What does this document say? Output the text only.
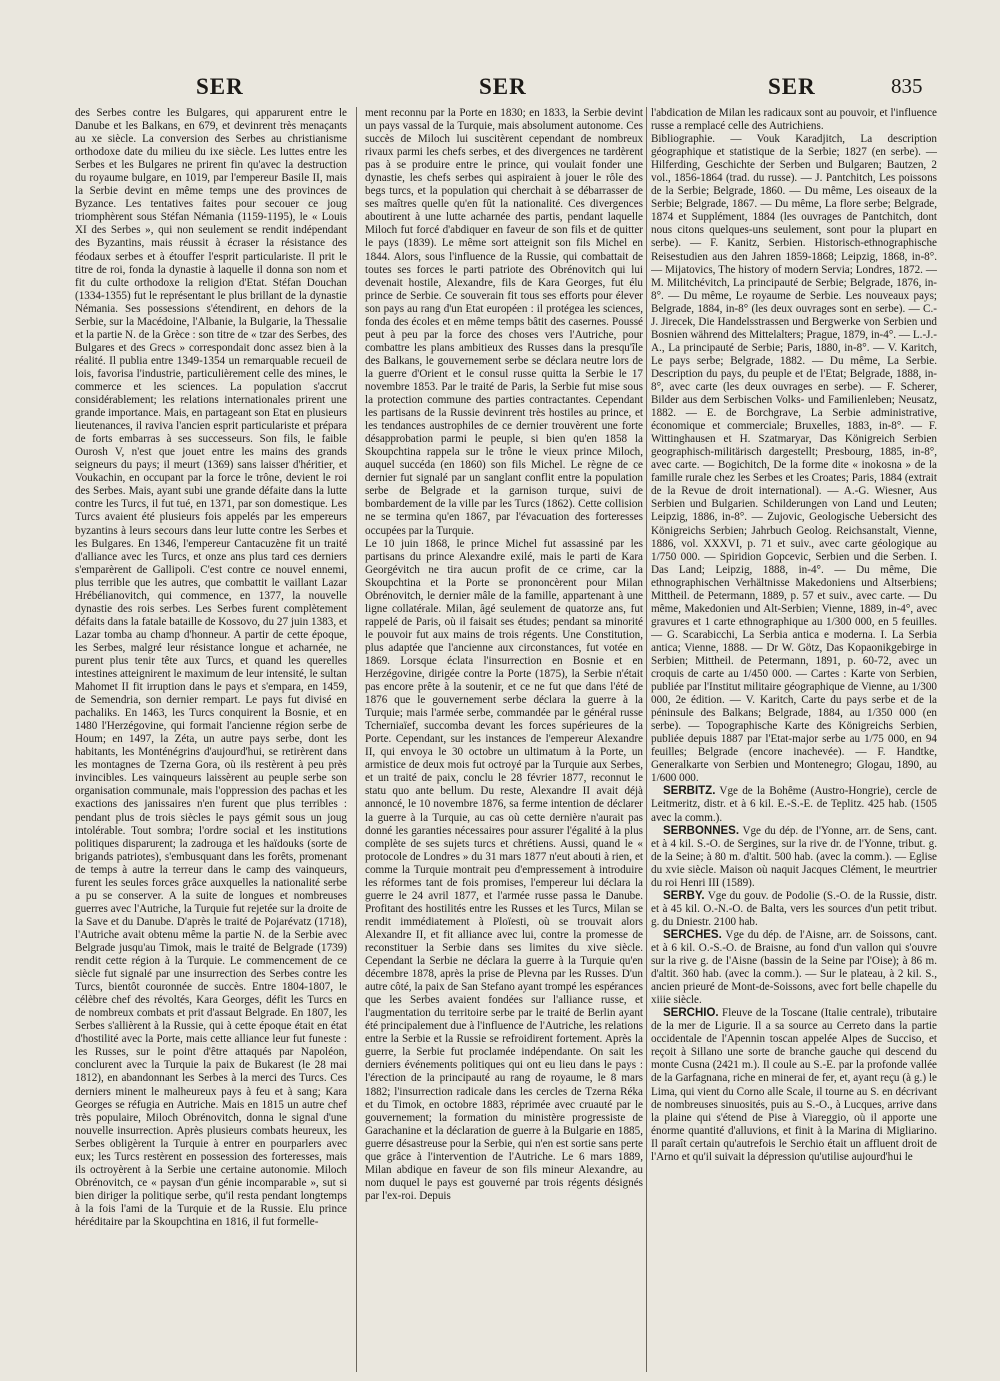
SER	SER	SER	835

des Serbes contre les Bulgares, qui apparurent entre le Danube et les Balkans, en 679, et devinrent très menaçants au xe siècle. La conversion des Serbes au christianisme orthodoxe date du milieu du ixe siècle. Les luttes entre les Serbes et les Bulgares ne prirent fin qu'avec la destruction du royaume bulgare, en 1019, par l'empereur Basile II, mais la Serbie devint en même temps une des provinces de Byzance. Les tentatives faites pour secouer ce joug triomphèrent sous Stéfan Némania (1159-1195), le « Louis XI des Serbes », qui non seulement se rendit indépendant des Byzantins, mais réussit à écraser la résistance des féodaux serbes et à étouffer l'esprit particulariste. Il prit le titre de roi, fonda la dynastie à laquelle il donna son nom et fit du culte orthodoxe la religion d'Etat. Stéfan Douchan (1334-1355) fut le représentant le plus brillant de la dynastie Némania. Ses possessions s'étendirent, en dehors de la Serbie, sur la Macédoine, l'Albanie, la Bulgarie, la Thessalie et la partie N. de la Grèce : son titre de « tzar des Serbes, des Bulgares et des Grecs » correspondait donc assez bien à la réalité. Il publia entre 1349-1354 un remarquable recueil de lois, favorisa l'industrie, particulièrement celle des mines, le commerce et les sciences. La population s'accrut considérablement; les relations internationales prirent une grande importance. Mais, en partageant son Etat en plusieurs lieutenances, il raviva l'ancien esprit particulariste et prépara de forts embarras à ses successeurs. Son fils, le faible Ourosh V, n'est que jouet entre les mains des grands seigneurs du pays; il meurt (1369) sans laisser d'héritier, et Voukachin, en occupant par la force le trône, devient le roi des Serbes. Mais, ayant subi une grande défaite dans la lutte contre les Turcs, il fut tué, en 1371, par son domestique. Les Turcs avaient été plusieurs fois appelés par les empereurs byzantins à leurs secours dans leur lutte contre les Serbes et les Bulgares. En 1346, l'empereur Cantacuzène fit un traité d'alliance avec les Turcs, et onze ans plus tard ces derniers s'emparèrent de Gallipoli. C'est contre ce nouvel ennemi, plus terrible que les autres, que combattit le vaillant Lazar Hrébélianovitch, qui commence, en 1377, la nouvelle dynastie des rois serbes. Les Serbes furent complètement défaits dans la fatale bataille de Kossovo, du 27 juin 1383, et Lazar tomba au champ d'honneur. A partir de cette époque, les Serbes, malgré leur résistance longue et acharnée, ne purent plus tenir tête aux Turcs, et quand les querelles intestines atteignirent le maximum de leur intensité, le sultan Mahomet II fit irruption dans le pays et s'empara, en 1459, de Semendria, son dernier rempart. Le pays fut divisé en pachaliks. En 1463, les Turcs conquirent la Bosnie, et en 1480 l'Herzégovine, qui formait l'ancienne région serbe de Houm; en 1497, la Zéta, un autre pays serbe, dont les habitants, les Monténégrins d'aujourd'hui, se retirèrent dans les montagnes de Tzerna Gora, où ils restèrent à peu près invincibles. Les vainqueurs laissèrent au peuple serbe son organisation communale, mais l'oppression des pachas et les exactions des janissaires n'en furent que plus terribles : pendant plus de trois siècles le pays gémit sous un joug intolérable. Tout sombra; l'ordre social et les institutions politiques disparurent; la zadrouga et les haïdouks (sorte de brigands patriotes), s'embusquant dans les forêts, promenant de temps à autre la terreur dans le camp des vainqueurs, furent les seules forces grâce auxquelles la nationalité serbe a pu se conserver. A la suite de longues et nombreuses guerres avec l'Autriche, la Turquie fut rejetée sur la droite de la Save et du Danube. D'après le traité de Pojarévatz (1718), l'Autriche avait obtenu même la partie N. de la Serbie avec Belgrade jusqu'au Timok, mais le traité de Belgrade (1739) rendit cette région à la Turquie. Le commencement de ce siècle fut signalé par une insurrection des Serbes contre les Turcs, bientôt couronnée de succès. Entre 1804-1807, le célèbre chef des révoltés, Kara Georges, défit les Turcs en de nombreux combats et prit d'assaut Belgrade. En 1807, les Serbes s'allièrent à la Russie, qui à cette époque était en état d'hostilité avec la Porte, mais cette alliance leur fut funeste : les Russes, sur le point d'être attaqués par Napoléon, conclurent avec la Turquie la paix de Bukarest (le 28 mai 1812), en abandonnant les Serbes à la merci des Turcs. Ces derniers minent le malheureux pays à feu et à sang; Kara Georges se réfugia en Autriche. Mais en 1815 un autre chef très populaire, Miloch Obrénovitch, donna le signal d'une nouvelle insurrection. Après plusieurs combats heureux, les Serbes obligèrent la Turquie à entrer en pourparlers avec eux; les Turcs restèrent en possession des forteresses, mais ils octroyèrent à la Serbie une certaine autonomie. Miloch Obrénovitch, ce « paysan d'un génie incomparable », sut si bien diriger la politique serbe, qu'il resta pendant longtemps à la fois l'ami de la Turquie et de la Russie. Elu prince héréditaire par la Skoupchtina en 1816, il fut formelle-

ment reconnu par la Porte en 1830; en 1833, la Serbie devint un pays vassal de la Turquie, mais absolument autonome. Ces succès de Miloch lui suscitèrent cependant de nombreux rivaux parmi les chefs serbes, et des divergences ne tardèrent pas à se produire entre le prince, qui voulait fonder une dynastie, les chefs serbes qui aspiraient à jouer le rôle des begs turcs, et la population qui cherchait à se débarrasser de ses maîtres quelle qu'en fût la nationalité. Ces divergences aboutirent à une lutte acharnée des partis, pendant laquelle Miloch fut forcé d'abdiquer en faveur de son fils et de quitter le pays (1839). Le même sort atteignit son fils Michel en 1844. Alors, sous l'influence de la Russie, qui combattait de toutes ses forces le parti patriote des Obrénovitch qui lui devenait hostile, Alexandre, fils de Kara Georges, fut élu prince de Serbie. Ce souverain fit tous ses efforts pour élever son pays au rang d'un Etat européen : il protégea les sciences, fonda des écoles et en même temps bâtit des casernes. Poussé peut à peu par la force des choses vers l'Autriche, pour combattre les plans ambitieux des Russes dans la presqu'île des Balkans, le gouvernement serbe se déclara neutre lors de la guerre d'Orient et le consul russe quitta la Serbie le 17 novembre 1853. Par le traité de Paris, la Serbie fut mise sous la protection commune des parties contractantes. Cependant les partisans de la Russie devinrent très hostiles au prince, et les tendances austrophiles de ce dernier trouvèrent une forte désapprobation parmi le peuple, si bien qu'en 1858 la Skoupchtina rappela sur le trône le vieux prince Miloch, auquel succéda (en 1860) son fils Michel. Le règne de ce dernier fut signalé par un sanglant conflit entre la population serbe de Belgrade et la garnison turque, suivi de bombardement de la ville par les Turcs (1862). Cette collision ne se termina qu'en 1867, par l'évacuation des forteresses occupées par la Turquie.
Le 10 juin 1868, le prince Michel fut assassiné par les partisans du prince Alexandre exilé, mais le parti de Kara Georgévitch ne tira aucun profit de ce crime, car la Skoupchtina et la Porte se prononcèrent pour Milan Obrénovitch, le dernier mâle de la famille, appartenant à une ligne collatérale. Milan, âgé seulement de quatorze ans, fut rappelé de Paris, où il faisait ses études; pendant sa minorité le pouvoir fut aux mains de trois régents. Une Constitution, plus adaptée que l'ancienne aux circonstances, fut votée en 1869. Lorsque éclata l'insurrection en Bosnie et en Herzégovine, dirigée contre la Porte (1875), la Serbie n'était pas encore prête à la soutenir, et ce ne fut que dans l'été de 1876 que le gouvernement serbe déclara la guerre à la Turquie; mais l'armée serbe, commandée par le général russe Tcherniaïef, succomba devant les forces supérieures de la Porte. Cependant, sur les instances de l'empereur Alexandre II, qui envoya le 30 octobre un ultimatum à la Porte, un armistice de deux mois fut octroyé par la Turquie aux Serbes, et un traité de paix, conclu le 28 février 1877, reconnut le statu quo ante bellum. Du reste, Alexandre II avait déjà annoncé, le 10 novembre 1876, sa ferme intention de déclarer la guerre à la Turquie, au cas où cette dernière n'aurait pas donné les garanties nécessaires pour assurer l'égalité à la plus complète de ses sujets turcs et chrétiens. Aussi, quand le « protocole de Londres » du 31 mars 1877 n'eut abouti à rien, et comme la Turquie montrait peu d'empressement à introduire les réformes tant de fois promises, l'empereur lui déclara la guerre le 24 avril 1877, et l'armée russe passa le Danube. Profitant des hostilités entre les Russes et les Turcs, Milan se rendit immédiatement à Ploïesti, où se trouvait alors Alexandre II, et fit alliance avec lui, contre la promesse de reconstituer la Serbie dans ses limites du xive siècle. Cependant la Serbie ne déclara la guerre à la Turquie qu'en décembre 1878, après la prise de Plevna par les Russes. D'un autre côté, la paix de San Stefano ayant trompé les espérances que les Serbes avaient fondées sur l'alliance russe, et l'augmentation du territoire serbe par le traité de Berlin ayant été principalement due à l'influence de l'Autriche, les relations entre la Serbie et la Russie se refroidirent fortement. Après la guerre, la Serbie fut proclamée indépendante. On sait les derniers événements politiques qui ont eu lieu dans le pays : l'érection de la principauté au rang de royaume, le 8 mars 1882; l'insurrection radicale dans les cercles de Tzerna Réka et du Timok, en octobre 1883, réprimée avec cruauté par le gouvernement; la formation du ministère progressiste de Garachanine et la déclaration de guerre à la Bulgarie en 1885, guerre désastreuse pour la Serbie, qui n'en est sortie sans perte que grâce à l'intervention de l'Autriche. Le 6 mars 1889, Milan abdique en faveur de son fils mineur Alexandre, au nom duquel le pays est gouverné par trois régents désignés par l'ex-roi. Depuis

l'abdication de Milan les radicaux sont au pouvoir, et l'influence russe a remplacé celle des Autrichiens.
Bibliographie. — Vouk Karadjitch, La description géographique et statistique de la Serbie; 1827 (en serbe). — Hilferding, Geschichte der Serben und Bulgaren; Bautzen, 2 vol., 1856-1864 (trad. du russe). — J. Pantchitch, Les poissons de la Serbie; Belgrade, 1860. — Du même, Les oiseaux de la Serbie; Belgrade, 1867. — Du même, La flore serbe; Belgrade, 1874 et Supplément, 1884 (les ouvrages de Pantchitch, dont nous citons quelques-uns seulement, sont pour la plupart en serbe). — F. Kanitz, Serbien. Historisch-ethnographische Reisestudien aus den Jahren 1859-1868; Leipzig, 1868, in-8°. — Mijatovics, The history of modern Servia; Londres, 1872. — M. Militchévitch, La principauté de Serbie; Belgrade, 1876, in-8°. — Du même, Le royaume de Serbie. Les nouveaux pays; Belgrade, 1884, in-8° (les deux ouvrages sont en serbe). — C.-J. Jirecek, Die Handelsstrassen und Bergwerke von Serbien und Bosnien während des Mittelalters; Prague, 1879, in-4°. — L.-J.-A., La principauté de Serbie; Paris, 1880, in-8°. — V. Karitch, Le pays serbe; Belgrade, 1882. — Du même, La Serbie. Description du pays, du peuple et de l'Etat; Belgrade, 1888, in-8°, avec carte (les deux ouvrages en serbe). — F. Scherer, Bilder aus dem Serbischen Volks- und Familienleben; Neusatz, 1882. — E. de Borchgrave, La Serbie administrative, économique et commerciale; Bruxelles, 1883, in-8°. — F. Wittinghausen et H. Szatmaryar, Das Königreich Serbien geographisch-militärisch dargestellt; Presbourg, 1885, in-8°, avec carte. — Bogichitch, De la forme dite « inokosna » de la famille rurale chez les Serbes et les Croates; Paris, 1884 (extrait de la Revue de droit international). — A.-G. Wiesner, Aus Serbien und Bulgarien. Schilderungen von Land und Leuten; Leipzig, 1886, in-8°. — Zujovic, Geologische Uebersicht des Königreichs Serbien; Jahrbuch Geolog. Reichsanstalt, Vienne, 1886, vol. XXXVI, p. 71 et suiv., avec carte géologique au 1/750 000. — Spiridion Gopcevic, Serbien und die Serben. I. Das Land; Leipzig, 1888, in-4°. — Du même, Die ethnographischen Verhältnisse Makedoniens und Altserbiens; Mittheil. de Petermann, 1889, p. 57 et suiv., avec carte. — Du même, Makedonien und Alt-Serbien; Vienne, 1889, in-4°, avec gravures et 1 carte ethnographique au 1/300 000, en 5 feuilles. — G. Scarabicchi, La Serbia antica e moderna. I. La Serbia antica; Vienne, 1888. — Dr W. Götz, Das Kopaonikgebirge in Serbien; Mittheil. de Petermann, 1891, p. 60-72, avec un croquis de carte au 1/450 000. — Cartes : Karte von Serbien, publiée par l'Institut militaire géographique de Vienne, au 1/300 000, 2e édition. — V. Karitch, Carte du pays serbe et de la péninsule des Balkans; Belgrade, 1884, au 1/350 000 (en serbe). — Topographische Karte des Königreichs Serbien, publiée depuis 1887 par l'Etat-major serbe au 1/75 000, en 94 feuilles; Belgrade (encore inachevée). — F. Handtke, Generalkarte von Serbien und Montenegro; Glogau, 1890, au 1/600 000.

SERBITZ. Vge de la Bohême (Austro-Hongrie), cercle de Leitmeritz, distr. et à 6 kil. E.-S.-E. de Teplitz. 425 hab. (1505 avec la comm.).

SERBONNES. Vge du dép. de l'Yonne, arr. de Sens, cant. et à 4 kil. S.-O. de Sergines, sur la rive dr. de l'Yonne, tribut. g. de la Seine; à 80 m. d'altit. 500 hab. (avec la comm.). — Eglise du xvie siècle. Maison où naquit Jacques Clément, le meurtrier du roi Henri III (1589).

SERBY. Vge du gouv. de Podolie (S.-O. de la Russie, distr. et à 45 kil. O.-N.-O. de Balta, vers les sources d'un petit tribut. g. du Dniestr. 2100 hab.

SERCHES. Vge du dép. de l'Aisne, arr. de Soissons, cant. et à 6 kil. O.-S.-O. de Braisne, au fond d'un vallon qui s'ouvre sur la rive g. de l'Aisne (bassin de la Seine par l'Oise); à 86 m. d'altit. 360 hab. (avec la comm.). — Sur le plateau, à 2 kil. S., ancien prieuré de Mont-de-Soissons, avec fort belle chapelle du xiiie siècle.

SERCHIO. Fleuve de la Toscane (Italie centrale), tributaire de la mer de Ligurie. Il a sa source au Cerreto dans la partie occidentale de l'Apennin toscan appelée Alpes de Succiso, et reçoit à Sillano une sorte de branche gauche qui descend du monte Cusna (2421 m.). Il coule au S.-E. par la profonde vallée de la Garfagnana, riche en minerai de fer, et, ayant reçu (à g.) le Lima, qui vient du Corno alle Scale, il tourne au S. en décrivant de nombreuses sinuosités, puis au S.-O., à Lucques, arrive dans la plaine qui s'étend de Pise à Viareggio, où il apporte une énorme quantité d'alluvions, et finit à la Marina di Migliarino. Il paraît certain qu'autrefois le Serchio était un affluent droit de l'Arno et qu'il suivait la dépression qu'utilise aujourd'hui le
